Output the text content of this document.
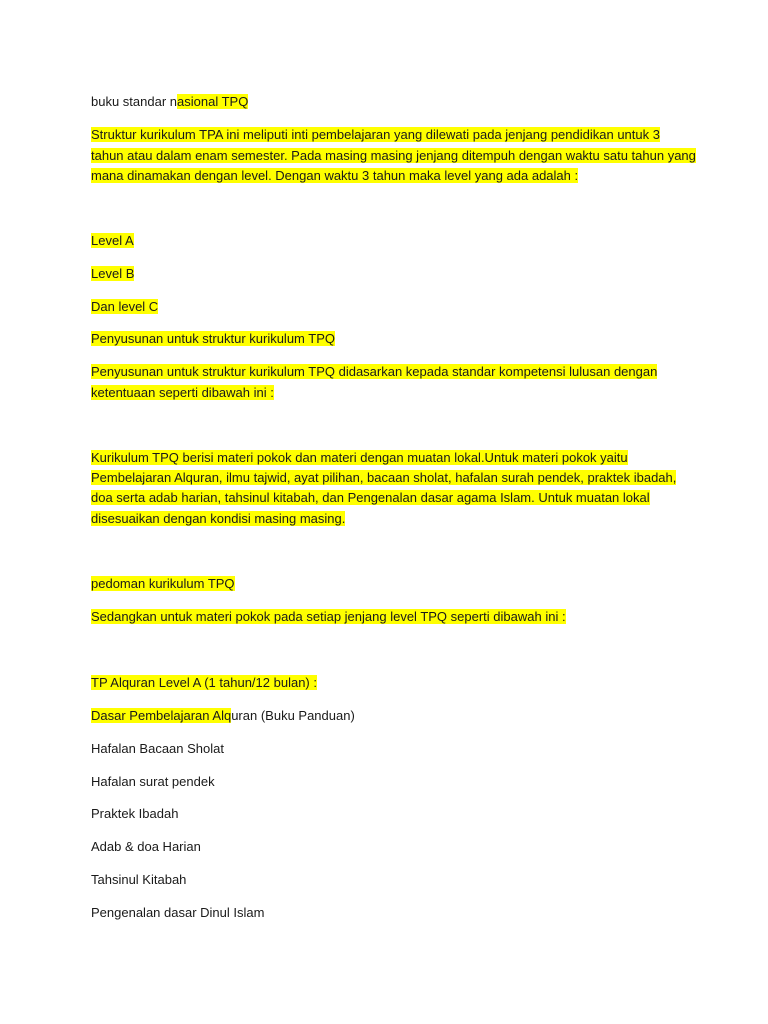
buku standar nasional TPQ
Struktur kurikulum TPA ini meliputi inti pembelajaran yang dilewati pada jenjang pendidikan untuk 3
tahun atau dalam enam semester. Pada masing masing jenjang ditempuh dengan waktu satu tahun yang
mana dinamakan dengan level. Dengan waktu 3 tahun maka level yang ada adalah :
Level A
Level B
Dan level C
Penyusunan untuk struktur kurikulum TPQ
Penyusunan untuk struktur kurikulum TPQ didasarkan kepada standar kompetensi lulusan dengan
ketentuaan seperti dibawah ini :
Kurikulum TPQ berisi materi pokok dan materi dengan muatan lokal.Untuk materi pokok yaitu
Pembelajaran Alquran, ilmu tajwid, ayat pilihan, bacaan sholat, hafalan surah pendek, praktek ibadah,
doa serta adab harian, tahsinul kitabah, dan Pengenalan dasar agama Islam. Untuk muatan lokal
disesuaikan dengan kondisi masing masing.
pedoman kurikulum TPQ
Sedangkan untuk materi pokok pada setiap jenjang level TPQ seperti dibawah ini :
TP Alquran Level A (1 tahun/12 bulan) :
Dasar Pembelajaran Alquran (Buku Panduan)
Hafalan Bacaan Sholat
Hafalan surat pendek
Praktek Ibadah
Adab & doa Harian
Tahsinul Kitabah
Pengenalan dasar Dinul Islam
